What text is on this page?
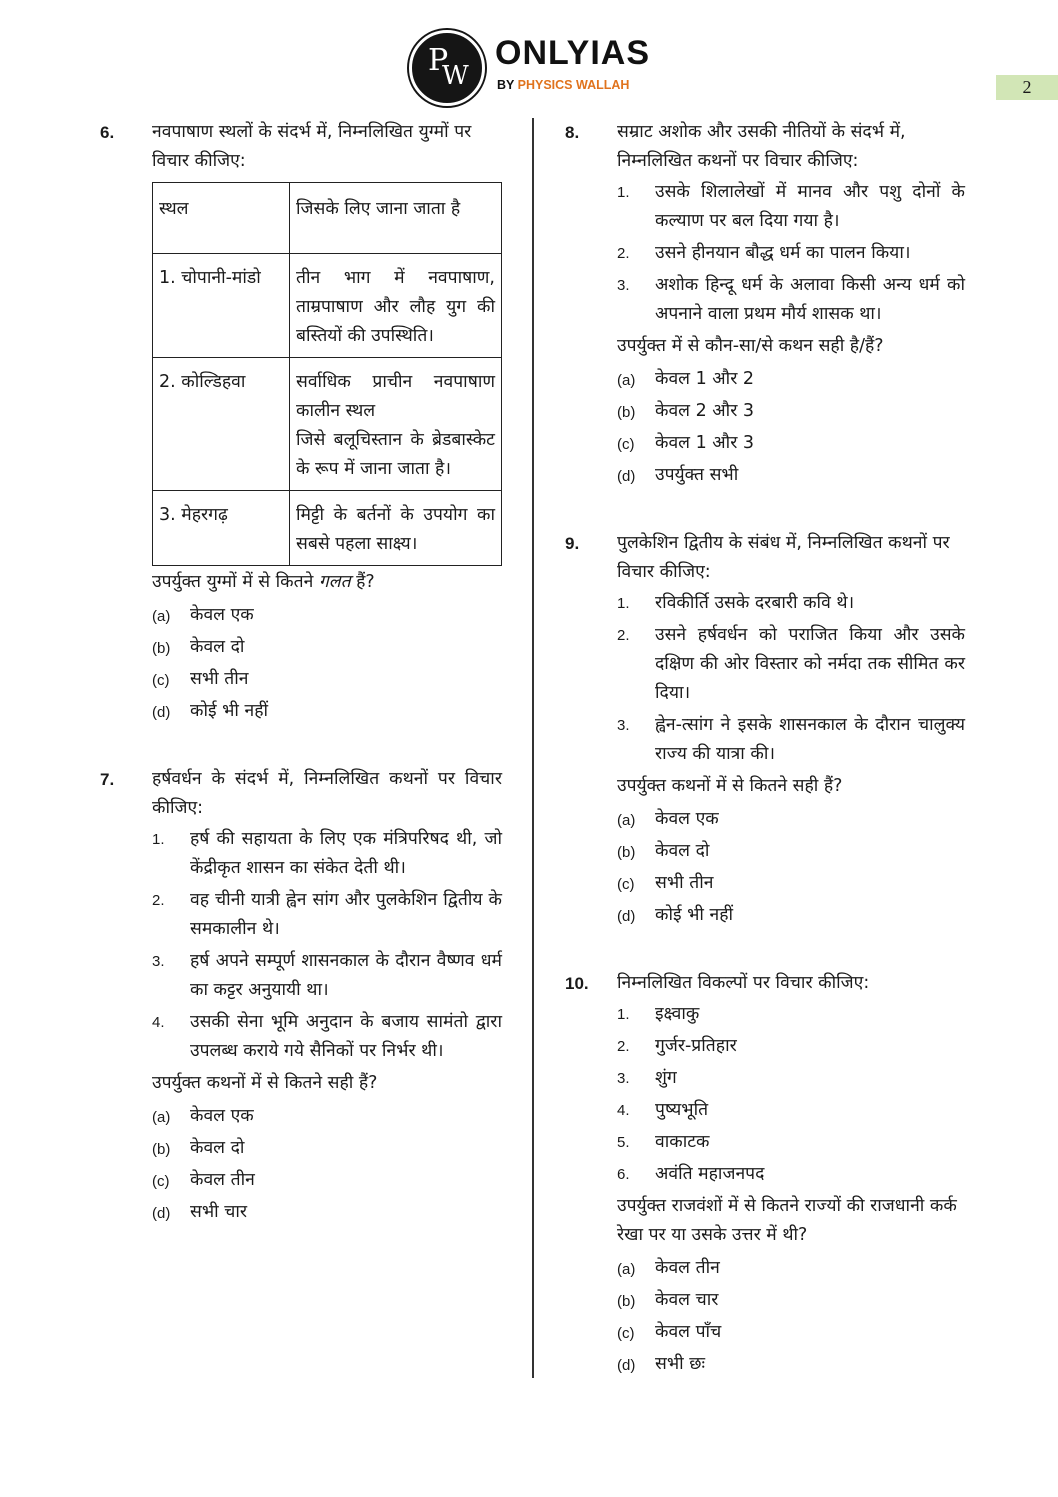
P
W
ONLYIAS
BY PHYSICS WALLAH	2
6. नवपाषाण स्थलों के संदर्भ में, निम्नलिखित युग्मों पर विचार कीजिए:

स्थल	जिसके लिए जाना जाता है
1. चोपानी-मांडो	तीन भाग में नवपाषाण, ताम्रपाषाण और लौह युग की बस्तियों की उपस्थिति।
2. कोल्डिहवा	सर्वाधिक प्राचीन नवपाषाण कालीन स्थल
जिसे बलूचिस्तान के ब्रेडबास्केट के रूप में जाना जाता है।

3. मेहरगढ़	मिट्टी के बर्तनों के उपयोग का सबसे पहला साक्ष्य।

उपर्युक्त युग्मों में से कितने गलत हैं?

(a) केवल एक
(b) केवल दो
(c) सभी तीन
(d) कोई भी नहीं
7. हर्षवर्धन के संदर्भ में, निम्नलिखित कथनों पर विचार कीजिए:

1. हर्ष की सहायता के लिए एक मंत्रिपरिषद थी, जो केंद्रीकृत शासन का संकेत देती थी।
2. वह चीनी यात्री ह्वेन सांग और पुलकेशिन द्वितीय के समकालीन थे।
3. हर्ष अपने सम्पूर्ण शासनकाल के दौरान वैष्णव धर्म का कट्टर अनुयायी था।
4. उसकी सेना भूमि अनुदान के बजाय सामंतो द्वारा उपलब्ध कराये गये सैनिकों पर निर्भर थी।

उपर्युक्त कथनों में से कितने सही हैं?

(a) केवल एक
(b) केवल दो
(c) केवल तीन
(d) सभी चार
8. सम्राट अशोक और उसकी नीतियों के संदर्भ में, निम्नलिखित कथनों पर विचार कीजिए:

1. उसके शिलालेखों में मानव और पशु दोनों के कल्याण पर बल दिया गया है।
2. उसने हीनयान बौद्ध धर्म का पालन किया।
3. अशोक हिन्दू धर्म के अलावा किसी अन्य धर्म को अपनाने वाला प्रथम मौर्य शासक था।

उपर्युक्त में से कौन-सा/से कथन सही है/हैं?

(a) केवल 1 और 2
(b) केवल 2 और 3
(c) केवल 1 और 3
(d) उपर्युक्त सभी
9. पुलकेशिन द्वितीय के संबंध में, निम्नलिखित कथनों पर विचार कीजिए:

1. रविकीर्ति उसके दरबारी कवि थे।
2. उसने हर्षवर्धन को पराजित किया और उसके दक्षिण की ओर विस्तार को नर्मदा तक सीमित कर दिया।
3. ह्वेन-त्सांग ने इसके शासनकाल के दौरान चालुक्य राज्य की यात्रा की।

उपर्युक्त कथनों में से कितने सही हैं?

(a) केवल एक
(b) केवल दो
(c) सभी तीन
(d) कोई भी नहीं
10. निम्नलिखित विकल्पों पर विचार कीजिए:

1. इक्ष्वाकु
2. गुर्जर-प्रतिहार
3. शुंग
4. पुष्यभूति
5. वाकाटक
6. अवंति महाजनपद

उपर्युक्त राजवंशों में से कितने राज्यों की राजधानी कर्क रेखा पर या उसके उत्तर में थी?

(a) केवल तीन
(b) केवल चार
(c) केवल पाँच
(d) सभी छः
